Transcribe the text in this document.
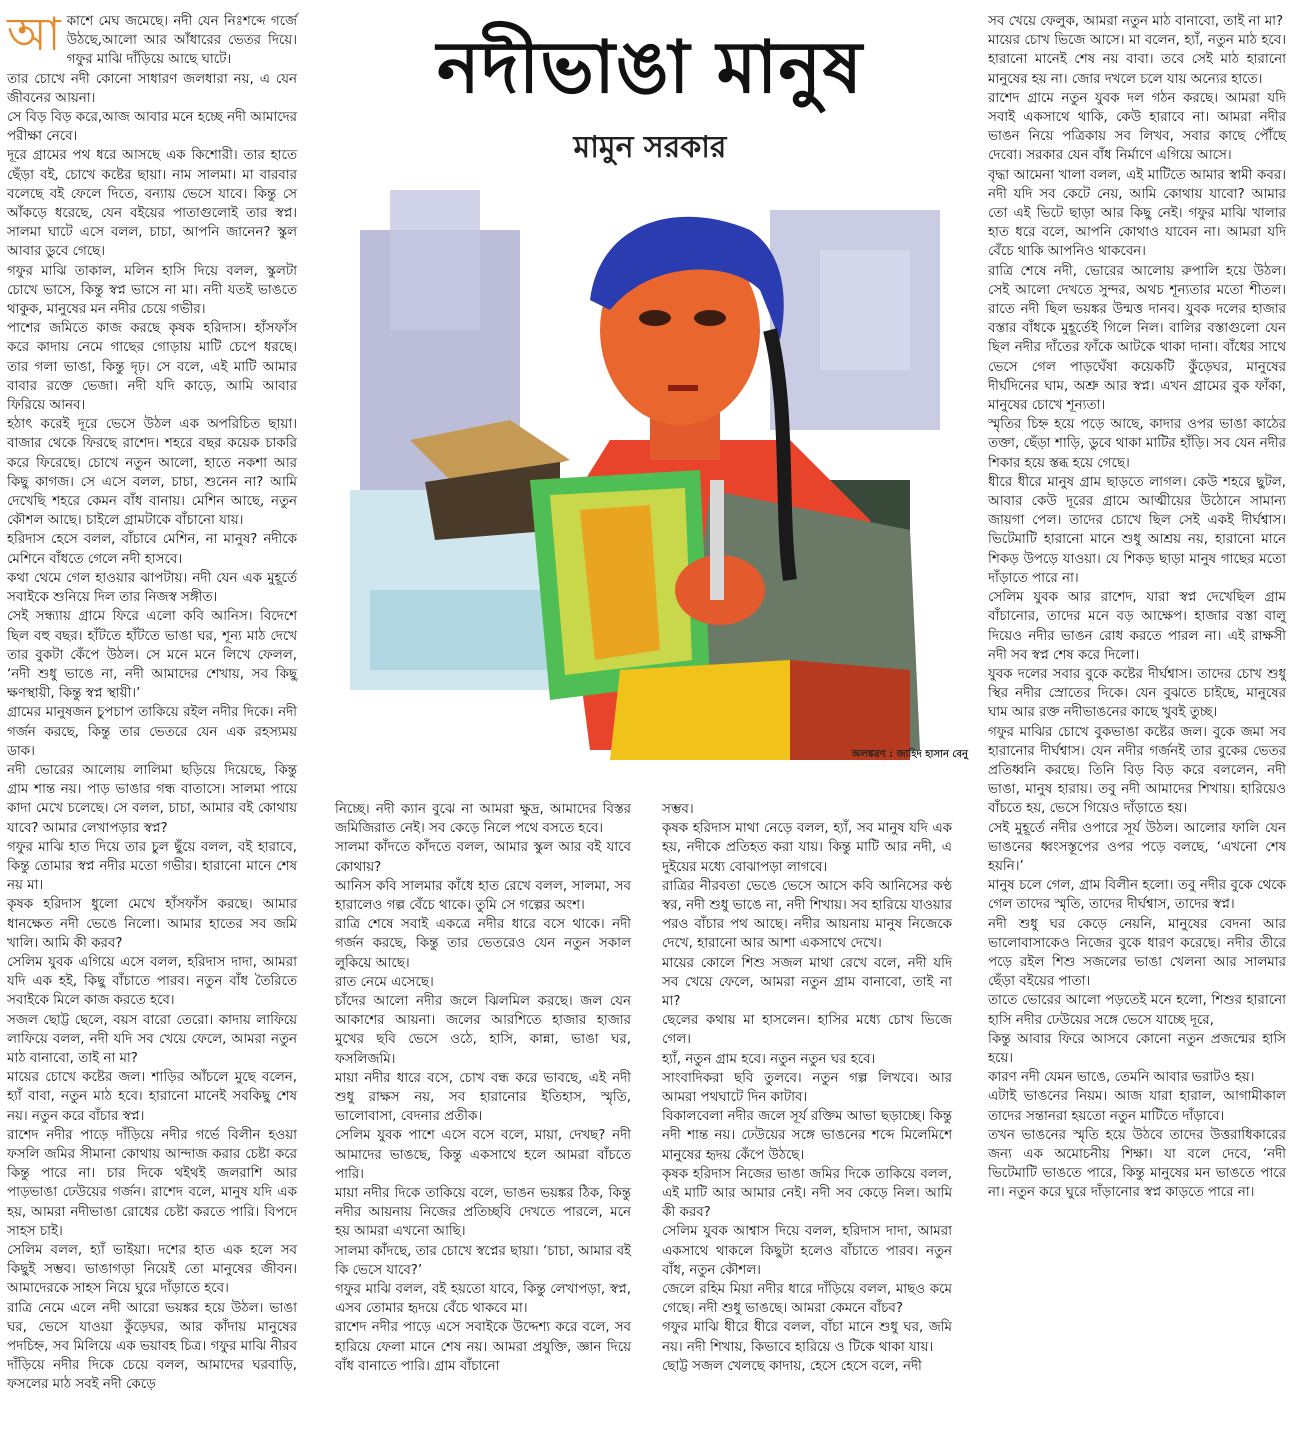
নদীভাঙা মানুষ
মামুন সরকার
অলঙ্করণ : জাহিদ হাসান বেনু
আ কাশে মেঘ জমেছে। নদী যেন নিঃশব্দে গর্জে উঠছে,আলো আর আঁধারের ভেতর দিয়ে। গফুর মাঝি দাঁড়িয়ে আছে ঘাটে।

তার চোখে নদী কোনো সাধারণ জলধারা নয়, এ যেন জীবনের আয়না।

সে বিড় বিড় করে,আজ আবার মনে হচ্ছে নদী আমাদের পরীক্ষা নেবে।

দূরে গ্রামের পথ ধরে আসছে এক কিশোরী। তার হাতে ছেঁড়া বই, চোখে কষ্টের ছায়া। নাম সালমা। মা বারবার বলেছে বই ফেলে দিতে, বন্যায় ভেসে যাবে। কিন্তু সে আঁকড়ে ধরেছে, যেন বইয়ের পাতাগুলোই তার স্বপ্ন। সালমা ঘাটে এসে বলল, চাচা, আপনি জানেন? স্কুল আবার ডুবে গেছে।

গফুর মাঝি তাকাল, মলিন হাসি দিয়ে বলল, স্কুলটা চোখে ভাসে, কিন্তু স্বপ্ন ভাসে না মা। নদী যতই ভাঙতে থাকুক, মানুষের মন নদীর চেয়ে গভীর।

পাশের জমিতে কাজ করছে কৃষক হরিদাস। হাঁসফাঁস করে কাদায় নেমে গাছের গোড়ায় মাটি চেপে ধরছে। তার গলা ভাঙা, কিন্তু দৃঢ়। সে বলে, এই মাটি আমার বাবার রক্তে ভেজা। নদী যদি কাড়ে, আমি আবার ফিরিয়ে আনব।

হঠাৎ করেই দূরে ভেসে উঠল এক অপরিচিত ছায়া। বাজার থেকে ফিরছে রাশেদ। শহরে বছর কয়েক চাকরি করে ফিরেছে। চোখে নতুন আলো, হাতে নকশা আর কিছু কাগজ। সে এসে বলল, চাচা, শুনেন না? আমি দেখেছি শহরে কেমন বাঁধ বানায়। মেশিন আছে, নতুন কৌশল আছে। চাইলে গ্রামটাকে বাঁচানো যায়।

হরিদাস হেসে বলল, বাঁচাবে মেশিন, না মানুষ? নদীকে মেশিনে বাঁধতে গেলে নদী হাসবে।

কথা থেমে গেল হাওয়ার ঝাপটায়। নদী যেন এক মুহূর্তে সবাইকে শুনিয়ে দিল তার নিজস্ব সঙ্গীত।

সেই সন্ধ্যায় গ্রামে ফিরে এলো কবি আনিস। বিদেশে ছিল বহু বছর। হাঁটতে হাঁটতে ভাঙা ঘর, শূন্য মাঠ দেখে তার বুকটা কেঁপে উঠল। সে মনে মনে লিখে ফেলল, ‘নদী শুধু ভাঙে না, নদী আমাদের শেখায়, সব কিছু ক্ষণস্থায়ী, কিন্তু স্বপ্ন স্থায়ী।’

গ্রামের মানুষজন চুপচাপ তাকিয়ে রইল নদীর দিকে। নদী গর্জন করছে, কিন্তু তার ভেতরে যেন এক রহস্যময় ডাক।

নদী ভোরের আলোয় লালিমা ছড়িয়ে দিয়েছে, কিন্তু গ্রাম শান্ত নয়। পাড় ভাঙার গন্ধ বাতাসে। সালমা পায়ে কাদা মেখে চলেছে। সে বলল, চাচা, আমার বই কোথায় যাবে? আমার লেখাপড়ার স্বপ্ন?

গফুর মাঝি হাত দিয়ে তার চুল ছুঁয়ে বলল, বই হারাবে, কিন্তু তোমার স্বপ্ন নদীর মতো গভীর। হারানো মানে শেষ নয় মা।

কৃষক হরিদাস ধুলো মেখে হাঁসফাঁস করছে। আমার ধানক্ষেত নদী ভেঙে নিলো। আমার হাতের সব জমি খালি। আমি কী করব?

সেলিম যুবক এগিয়ে এসে বলল, হরিদাস দাদা, আমরা যদি এক হই, কিছু বাঁচাতে পারব। নতুন বাঁধ তৈরিতে সবাইকে মিলে কাজ করতে হবে।

সজল ছোট্ট ছেলে, বয়স বারো তেরো। কাদায় লাফিয়ে লাফিয়ে বলল, নদী যদি সব খেয়ে ফেলে, আমরা নতুন মাঠ বানাবো, তাই না মা?

মায়ের চোখে কষ্টের জল। শাড়ির আঁচলে মুছে বলেন, হ্যাঁ বাবা, নতুন মাঠ হবে। হারানো মানেই সবকিছু শেষ নয়। নতুন করে বাঁচার স্বপ্ন।

রাশেদ নদীর পাড়ে দাঁড়িয়ে নদীর গর্ভে বিলীন হওয়া ফসলি জমির সীমানা কোথায় আন্দাজ করার চেষ্টা করে কিন্তু পারে না। চার দিকে থইথই জলরাশি আর পাড়ভাঙা ঢেউয়ের গর্জন। রাশেদ বলে, মানুষ যদি এক হয়, আমরা নদীভাঙা রোধের চেষ্টা করতে পারি। বিপদে সাহস চাই।

সেলিম বলল, হ্যাঁ ভাইয়া। দশের হাত এক হলে সব কিছুই সম্ভব। ভাঙাগড়া নিয়েই তো মানুষের জীবন। আমাদেরকে সাহস নিয়ে ঘুরে দাঁড়াতে হবে।

রাত্রি নেমে এলে নদী আরো ভয়ঙ্কর হয়ে উঠল। ভাঙা ঘর, ভেসে যাওয়া কুঁড়েঘর, আর কাঁদায় মানুষের পদচিহ্ন, সব মিলিয়ে এক ভয়াবহ চিত্র। গফুর মাঝি নীরব দাঁড়িয়ে নদীর দিকে চেয়ে বলল, আমাদের ঘরবাড়ি, ফসলের মাঠ সবই নদী কেড়ে

নিচ্ছে। নদী ক্যান বুঝে না আমরা ক্ষুদ্র, আমাদের বিস্তর জমিজিরাত নেই। সব কেড়ে নিলে পথে বসতে হবে।

সালমা কাঁদতে কাঁদতে বলল, আমার স্কুল আর বই যাবে কোথায়?

আনিস কবি সালমার কাঁধে হাত রেখে বলল, সালমা, সব হারালেও গল্প বেঁচে থাকে। তুমি সে গল্পের অংশ।

রাত্রি শেষে সবাই একত্রে নদীর ধারে বসে থাকে। নদী গর্জন করছে, কিন্তু তার ভেতরেও যেন নতুন সকাল লুকিয়ে আছে।

রাত নেমে এসেছে।

চাঁদের আলো নদীর জলে ঝিলমিল করছে। জল যেন আকাশের আয়না। জলের আরশিতে হাজার হাজার মুখের ছবি ভেসে ওঠে, হাসি, কান্না, ভাঙা ঘর, ফসলিজমি।

মায়া নদীর ধারে বসে, চোখ বন্ধ করে ভাবছে, এই নদী শুধু রাক্ষস নয়, সব হারানোর ইতিহাস, স্মৃতি, ভালোবাসা, বেদনার প্রতীক।

সেলিম যুবক পাশে এসে বসে বলে, মায়া, দেখছ? নদী আমাদের ভাঙছে, কিন্তু একসাথে হলে আমরা বাঁচতে পারি।

মায়া নদীর দিকে তাকিয়ে বলে, ভাঙন ভয়ঙ্কর ঠিক, কিন্তু নদীর আয়নায় নিজের প্রতিচ্ছবি দেখতে পারলে, মনে হয় আমরা এখনো আছি।

সালমা কাঁদছে, তার চোখে স্বপ্নের ছায়া। ‘চাচা, আমার বই কি ভেসে যাবে?’

গফুর মাঝি বলল, বই হয়তো যাবে, কিন্তু লেখাপড়া, স্বপ্ন, এসব তোমার হৃদয়ে বেঁচে থাকবে মা।

রাশেদ নদীর পাড়ে এসে সবাইকে উদ্দেশ্য করে বলে, সব হারিয়ে ফেলা মানে শেষ নয়। আমরা প্রযুক্তি, জ্ঞান দিয়ে বাঁধ বানাতে পারি। গ্রাম বাঁচানো

সম্ভব।

কৃষক হরিদাস মাথা নেড়ে বলল, হ্যাঁ, সব মানুষ যদি এক হয়, নদীকে প্রতিহত করা যায়। কিন্তু মাটি আর নদী, এ দুইয়ের মধ্যে বোঝাপড়া লাগবে।

রাত্রির নীরবতা ভেঙে ভেসে আসে কবি আনিসের কণ্ঠ স্বর, নদী শুধু ভাঙে না, নদী শিখায়। সব হারিয়ে যাওয়ার পরও বাঁচার পথ আছে। নদীর আয়নায় মানুষ নিজেকে দেখে, হারানো আর আশা একসাথে দেখে।

মায়ের কোলে শিশু সজল মাথা রেখে বলে, নদী যদি সব খেয়ে ফেলে, আমরা নতুন গ্রাম বানাবো, তাই না মা?

ছেলের কথায় মা হাসলেন। হাসির মধ্যে চোখ ভিজে গেল।

হ্যাঁ, নতুন গ্রাম হবে। নতুন নতুন ঘর হবে।

সাংবাদিকরা ছবি তুলবে। নতুন গল্প লিখবে। আর আমরা পথঘাটে দিন কাটাব।

বিকালবেলা নদীর জলে সূর্য রক্তিম আভা ছড়াচ্ছে। কিন্তু নদী শান্ত নয়। ঢেউয়ের সঙ্গে ভাঙনের শব্দে মিলেমিশে মানুষের হৃদয় কেঁপে উঠছে।

কৃষক হরিদাস নিজের ভাঙা জমির দিকে তাকিয়ে বলল, এই মাটি আর আমার নেই। নদী সব কেড়ে নিল। আমি কী করব?

সেলিম যুবক আশ্বাস দিয়ে বলল, হরিদাস দাদা, আমরা একসাথে থাকলে কিছুটা হলেও বাঁচাতে পারব। নতুন বাঁধ, নতুন কৌশল।

জেলে রহিম মিয়া নদীর ধারে দাঁড়িয়ে বলল, মাছও কমে গেছে। নদী শুধু ভাঙছে। আমরা কেমনে বাঁচব?

গফুর মাঝি ধীরে ধীরে বলল, বাঁচা মানে শুধু ঘর, জমি নয়। নদী শিখায়, কিভাবে হারিয়ে ও টিকে থাকা যায়।

ছোট্ট সজল খেলছে কাদায়, হেসে হেসে বলে, নদী

সব খেয়ে ফেলুক, আমরা নতুন মাঠ বানাবো, তাই না মা?

মায়ের চোখ ভিজে আসে। মা বলেন, হ্যাঁ, নতুন মাঠ হবে। হারানো মানেই শেষ নয় বাবা। তবে সেই মাঠ হারানো মানুষের হয় না। জোর দখলে চলে যায় অন্যের হাতে।

রাশেদ গ্রামে নতুন যুবক দল গঠন করছে। আমরা যদি সবাই একসাথে থাকি, কেউ হারাবে না। আমরা নদীর ভাঙন নিয়ে পত্রিকায় সব লিখব, সবার কাছে পৌঁছে দেবো। সরকার যেন বাঁধ নির্মাণে এগিয়ে আসে।

বৃদ্ধা আমেনা খালা বলল, এই মাটিতে আমার স্বামী কবর। নদী যদি সব কেটে নেয়, আমি কোথায় যাবো? আমার তো এই ভিটে ছাড়া আর কিছু নেই। গফুর মাঝি খালার হাত ধরে বলে, আপনি কোথাও যাবেন না। আমরা যদি বেঁচে থাকি আপনিও থাকবেন।

রাত্রি শেষে নদী, ভোরের আলোয় রুপালি হয়ে উঠল। সেই আলো দেখতে সুন্দর, অথচ শূন্যতার মতো শীতল। রাতে নদী ছিল ভয়ঙ্কর উন্মত্ত দানব। যুবক দলের হাজার বস্তার বাঁধকে মুহূর্তেই গিলে নিল। বালির বস্তাগুলো যেন ছিল নদীর দাঁতের ফাঁকে আটকে থাকা দানা। বাঁধের সাথে ভেসে গেল পাড়ঘেঁষা কয়েকটি কুঁড়েঘর, মানুষের দীর্ঘদিনের ঘাম, অশ্রু আর স্বপ্ন। এখন গ্রামের বুক ফাঁকা, মানুষের চোখে শূন্যতা।

স্মৃতির চিহ্ন হয়ে পড়ে আছে, কাদার ওপর ভাঙা কাঠের তক্তা, ছেঁড়া শাড়ি, ডুবে থাকা মাটির হাঁড়ি। সব যেন নদীর শিকার হয়ে স্তব্ধ হয়ে গেছে।

ধীরে ধীরে মানুষ গ্রাম ছাড়তে লাগল। কেউ শহরে ছুটল, আবার কেউ দূরের গ্রামে আত্মীয়ের উঠোনে সামান্য জায়গা পেল। তাদের চোখে ছিল সেই একই দীর্ঘশ্বাস। ভিটেমাটি হারানো মানে শুধু আশ্রয় নয়, হারানো মানে শিকড় উপড়ে যাওয়া। যে শিকড় ছাড়া মানুষ গাছের মতো দাঁড়াতে পারে না।

সেলিম যুবক আর রাশেদ, যারা স্বপ্ন দেখেছিল গ্রাম বাঁচানোর, তাদের মনে বড় আক্ষেপ। হাজার বস্তা বালু দিয়েও নদীর ভাঙন রোধ করতে পারল না। এই রাক্ষসী নদী সব স্বপ্ন শেষ করে দিলো।

যুবক দলের সবার বুকে কষ্টের দীর্ঘশ্বাস। তাদের চোখ শুধু স্থির নদীর স্রোতের দিকে। যেন বুঝতে চাইছে, মানুষের ঘাম আর রক্ত নদীভাঙনের কাছে খুবই তুচ্ছ।

গফুর মাঝির চোখে বুকভাঙা কষ্টের জল। বুকে জমা সব হারানোর দীর্ঘশ্বাস। যেন নদীর গর্জনই তার বুকের ভেতর প্রতিধ্বনি করছে। তিনি বিড় বিড় করে বললেন, নদী ভাঙা, মানুষ হারায়। তবু নদী আমাদের শিখায়। হারিয়েও বাঁচতে হয়, ভেসে গিয়েও দাঁড়াতে হয়।

সেই মুহূর্তে নদীর ওপারে সূর্য উঠল। আলোর ফালি যেন ভাঙনের ধ্বংসস্তূপের ওপর পড়ে বলছে, ‘এখনো শেষ হয়নি।’

মানুষ চলে গেল, গ্রাম বিলীন হলো। তবু নদীর বুকে থেকে গেল তাদের স্মৃতি, তাদের দীর্ঘশ্বাস, তাদের স্বপ্ন।

নদী শুধু ঘর কেড়ে নেয়নি, মানুষের বেদনা আর ভালোবাসাকেও নিজের বুকে ধারণ করেছে। নদীর তীরে পড়ে রইল শিশু সজলের ভাঙা খেলনা আর সালমার ছেঁড়া বইয়ের পাতা।

তাতে ভোরের আলো পড়তেই মনে হলো, শিশুর হারানো হাসি নদীর ঢেউয়ের সঙ্গে ভেসে যাচ্ছে দূরে,

কিন্তু আবার ফিরে আসবে কোনো নতুন প্রজন্মের হাসি হয়ে।

কারণ নদী যেমন ভাঙে, তেমনি আবার ভরাটও হয়।

এটাই ভাঙনের নিয়ম। আজ যারা হারাল, আগামীকাল তাদের সন্তানরা হয়তো নতুন মাটিতে দাঁড়াবে।

তখন ভাঙনের স্মৃতি হয়ে উঠবে তাদের উত্তরাধিকারের জন্য এক অমোচনীয় শিক্ষা। যা বলে দেবে, ‘নদী ভিটেমাটি ভাঙতে পারে, কিন্তু মানুষের মন ভাঙতে পারে না। নতুন করে ঘুরে দাঁড়ানোর স্বপ্ন কাড়তে পারে না।
